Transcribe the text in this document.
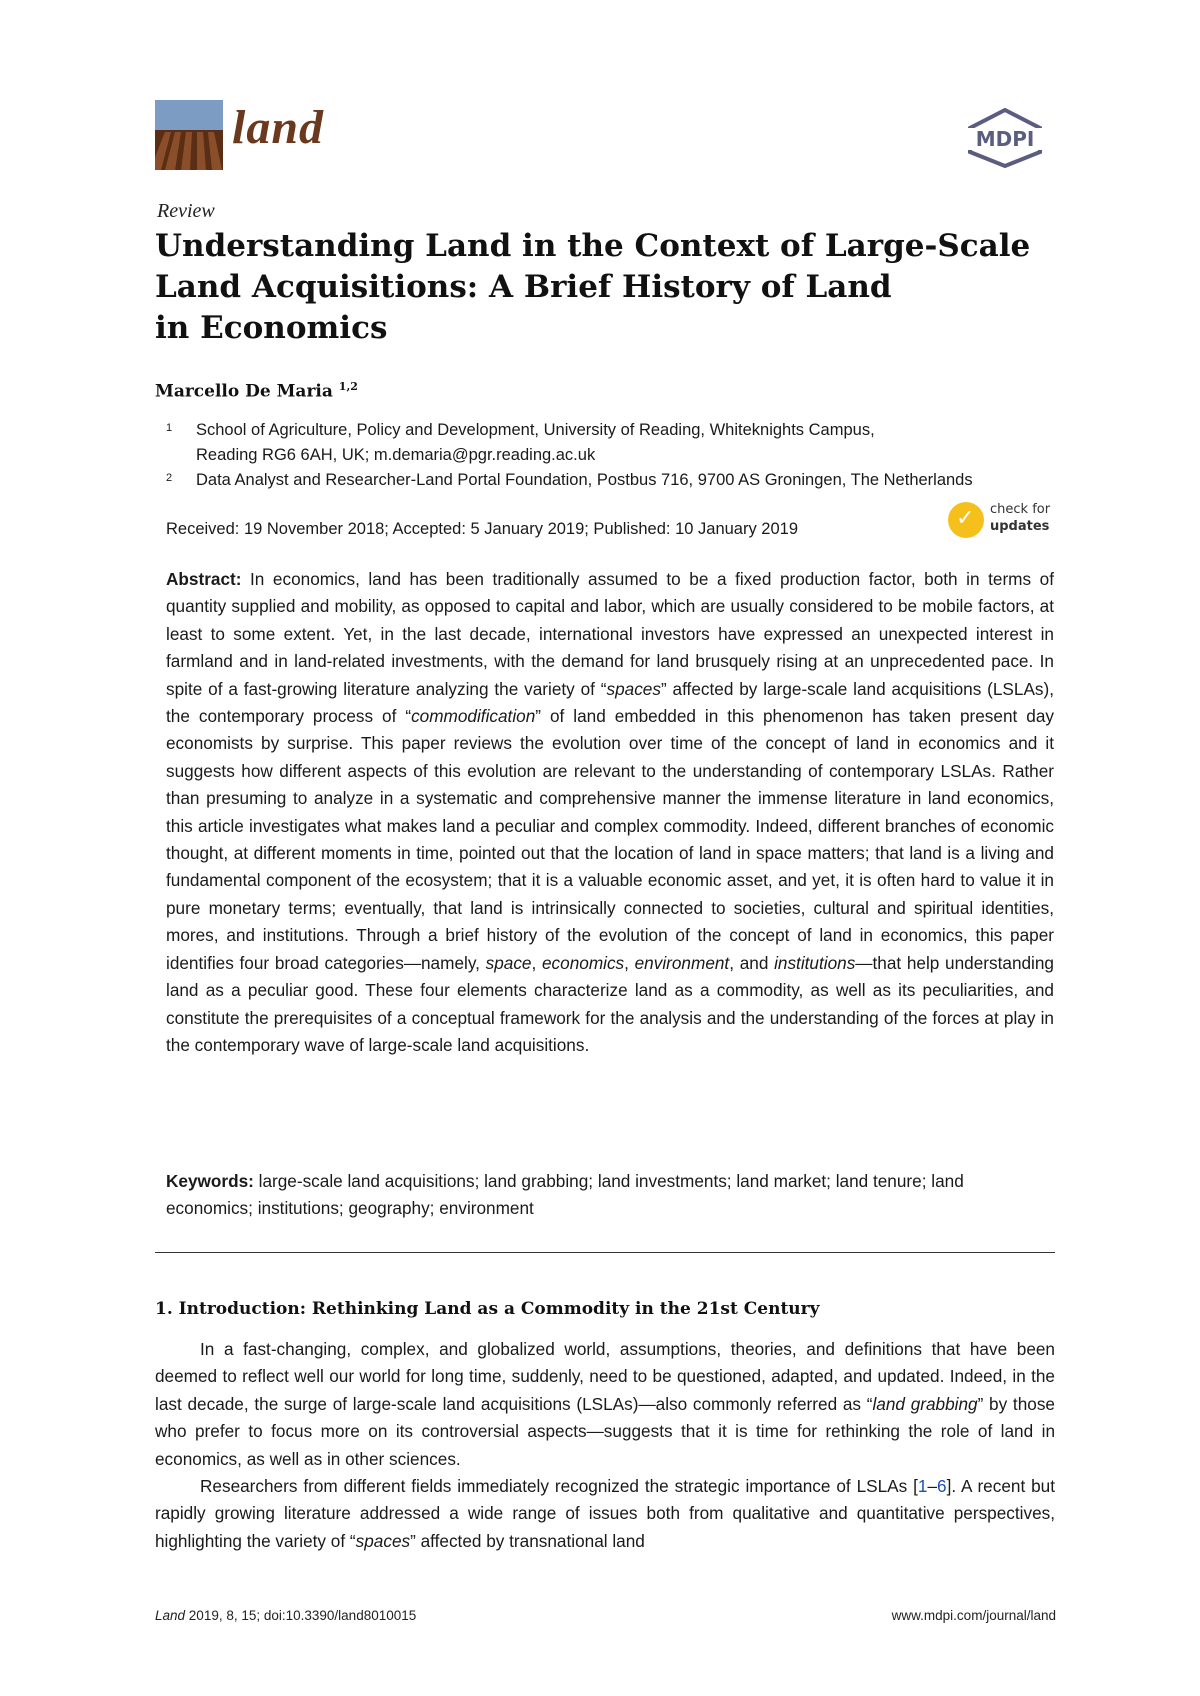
land	MDPI
Review
Understanding Land in the Context of Large-Scale
Land Acquisitions: A Brief History of Land
in Economics
Marcello De Maria $^{1,2}$
1 School of Agriculture, Policy and Development, University of Reading, Whiteknights Campus,
Reading RG6 6AH, UK; m.demaria@pgr.reading.ac.uk
2 Data Analyst and Researcher-Land Portal Foundation, Postbus 716, 9700 AS Groningen, The Netherlands
Received: 19 November 2018; Accepted: 5 January 2019; Published: 10 January 2019	✓ check for
updates
Abstract: In economics, land has been traditionally assumed to be a fixed production factor, both in terms of quantity supplied and mobility, as opposed to capital and labor, which are usually considered to be mobile factors, at least to some extent. Yet, in the last decade, international investors have expressed an unexpected interest in farmland and in land-related investments, with the demand for land brusquely rising at an unprecedented pace. In spite of a fast-growing literature analyzing the variety of “spaces” affected by large-scale land acquisitions (LSLAs), the contemporary process of “commodification” of land embedded in this phenomenon has taken present day economists by surprise. This paper reviews the evolution over time of the concept of land in economics and it suggests how different aspects of this evolution are relevant to the understanding of contemporary LSLAs. Rather than presuming to analyze in a systematic and comprehensive manner the immense literature in land economics, this article investigates what makes land a peculiar and complex commodity. Indeed, different branches of economic thought, at different moments in time, pointed out that the location of land in space matters; that land is a living and fundamental component of the ecosystem; that it is a valuable economic asset, and yet, it is often hard to value it in pure monetary terms; eventually, that land is intrinsically connected to societies, cultural and spiritual identities, mores, and institutions. Through a brief history of the evolution of the concept of land in economics, this paper identifies four broad categories—namely, space, economics, environment, and institutions—that help understanding land as a peculiar good. These four elements characterize land as a commodity, as well as its peculiarities, and constitute the prerequisites of a conceptual framework for the analysis and the understanding of the forces at play in the contemporary wave of large-scale land acquisitions.
Keywords: large-scale land acquisitions; land grabbing; land investments; land market; land tenure; land economics; institutions; geography; environment
1. Introduction: Rethinking Land as a Commodity in the 21st Century
In a fast-changing, complex, and globalized world, assumptions, theories, and definitions that have been deemed to reflect well our world for long time, suddenly, need to be questioned, adapted, and updated. Indeed, in the last decade, the surge of large-scale land acquisitions (LSLAs)—also commonly referred as “land grabbing” by those who prefer to focus more on its controversial aspects—suggests that it is time for rethinking the role of land in economics, as well as in other sciences.
Researchers from different fields immediately recognized the strategic importance of LSLAs [1–6]. A recent but rapidly growing literature addressed a wide range of issues both from qualitative and quantitative perspectives, highlighting the variety of “spaces” affected by transnational land
Land 2019, 8, 15; doi:10.3390/land8010015	www.mdpi.com/journal/land
